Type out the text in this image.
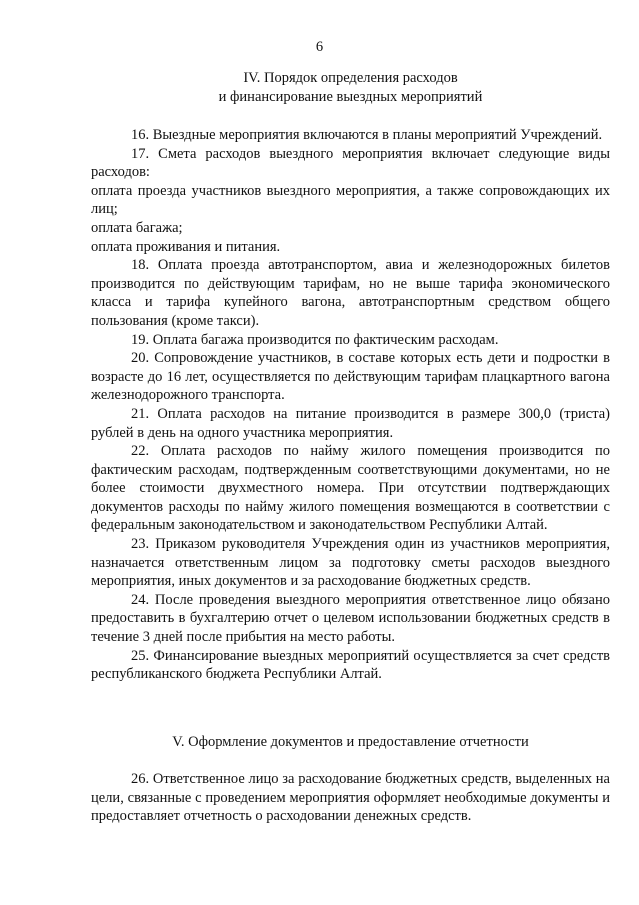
6
IV. Порядок определения расходов
и финансирование выездных мероприятий

16. Выездные мероприятия включаются в планы мероприятий Учреждений.

17. Смета расходов выездного мероприятия включает следующие виды расходов:

оплата проезда участников выездного мероприятия, а также сопровождающих их лиц;

оплата багажа;

оплата проживания и питания.

18. Оплата проезда автотранспортом, авиа и железнодорожных билетов производится по действующим тарифам, но не выше тарифа экономического класса и тарифа купейного вагона, автотранспортным средством общего пользования (кроме такси).

19. Оплата багажа производится по фактическим расходам.

20. Сопровождение участников, в составе которых есть дети и подростки в возрасте до 16 лет, осуществляется по действующим тарифам плацкартного вагона железнодорожного транспорта.

21. Оплата расходов на питание производится в размере 300,0 (триста) рублей в день на одного участника мероприятия.

22. Оплата расходов по найму жилого помещения производится по фактическим расходам, подтвержденным соответствующими документами, но не более стоимости двухместного номера. При отсутствии подтверждающих документов расходы по найму жилого помещения возмещаются в соответствии с федеральным законодательством и законодательством Республики Алтай.

23. Приказом руководителя Учреждения один из участников мероприятия, назначается ответственным лицом за подготовку сметы расходов выездного мероприятия, иных документов и за расходование бюджетных средств.

24. После проведения выездного мероприятия ответственное лицо обязано предоставить в бухгалтерию отчет о целевом использовании бюджетных средств в течение 3 дней после прибытия на место работы.

25. Финансирование выездных мероприятий осуществляется за счет средств республиканского бюджета Республики Алтай.

V. Оформление документов и предоставление отчетности

26. Ответственное лицо за расходование бюджетных средств, выделенных на цели, связанные с проведением мероприятия оформляет необходимые документы и предоставляет отчетность о расходовании денежных средств.
